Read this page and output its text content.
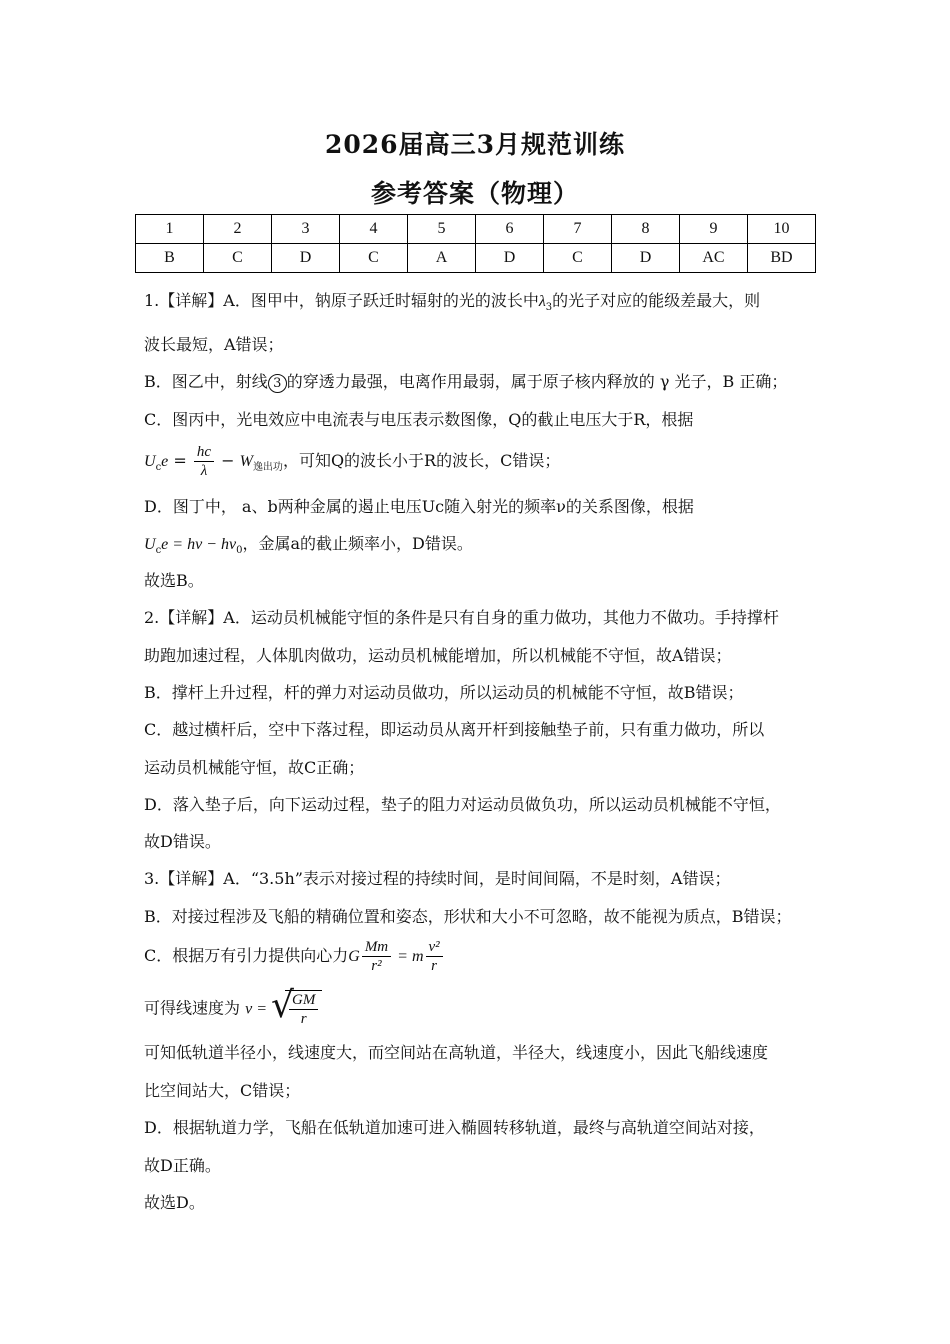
2026届高三3月规范训练
参考答案（物理）
1	2	3	4	5	6	7	8	9	10
B	C	D	C	A	D	C	D	AC	BD
1.【详解】A．图甲中，钠原子跃迁时辐射的光的波长中$\lambda_3$的光子对应的能级差最大，则
波长最短，A错误；
B．图乙中，射线 3 的穿透力最强，电离作用最弱，属于原子核内释放的 γ 光子，B 正确；
C．图丙中，光电效应中电流表与电压表示数图像，Q的截止电压大于R，根据
$U_ce = \frac{hc}{\lambda} - W_{逸出功}$，可知Q的波长小于R的波长，C错误；
D．图丁中， a、b两种金属的遏止电压Uc随入射光的频率ν的关系图像，根据
$U_ce = h\nu - h\nu_0$，金属a的截止频率小，D错误。
故选B。
2.【详解】A．运动员机械能守恒的条件是只有自身的重力做功，其他力不做功。手持撑杆
助跑加速过程，人体肌肉做功，运动员机械能增加，所以机械能不守恒，故A错误；
B．撑杆上升过程，杆的弹力对运动员做功，所以运动员的机械能不守恒，故B错误；
C．越过横杆后，空中下落过程，即运动员从离开杆到接触垫子前，只有重力做功，所以
运动员机械能守恒，故C正确；
D．落入垫子后，向下运动过程，垫子的阻力对运动员做负功，所以运动员机械能不守恒，
故D错误。
3.【详解】A．“3.5h”表示对接过程的持续时间，是时间间隔，不是时刻，A错误；
B．对接过程涉及飞船的精确位置和姿态，形状和大小不可忽略，故不能视为质点，B错误；
C．根据万有引力提供向心力G $\frac{Mm}{\text{r²}} = m \frac{\text{v²}}{r}$
可得线速度为 v = √
$\frac{GM}{r}$
可知低轨道半径小，线速度大，而空间站在高轨道，半径大，线速度小，因此飞船线速度
比空间站大，C错误；
D．根据轨道力学，飞船在低轨道加速可进入椭圆转移轨道，最终与高轨道空间站对接，
故D正确。
故选D。
